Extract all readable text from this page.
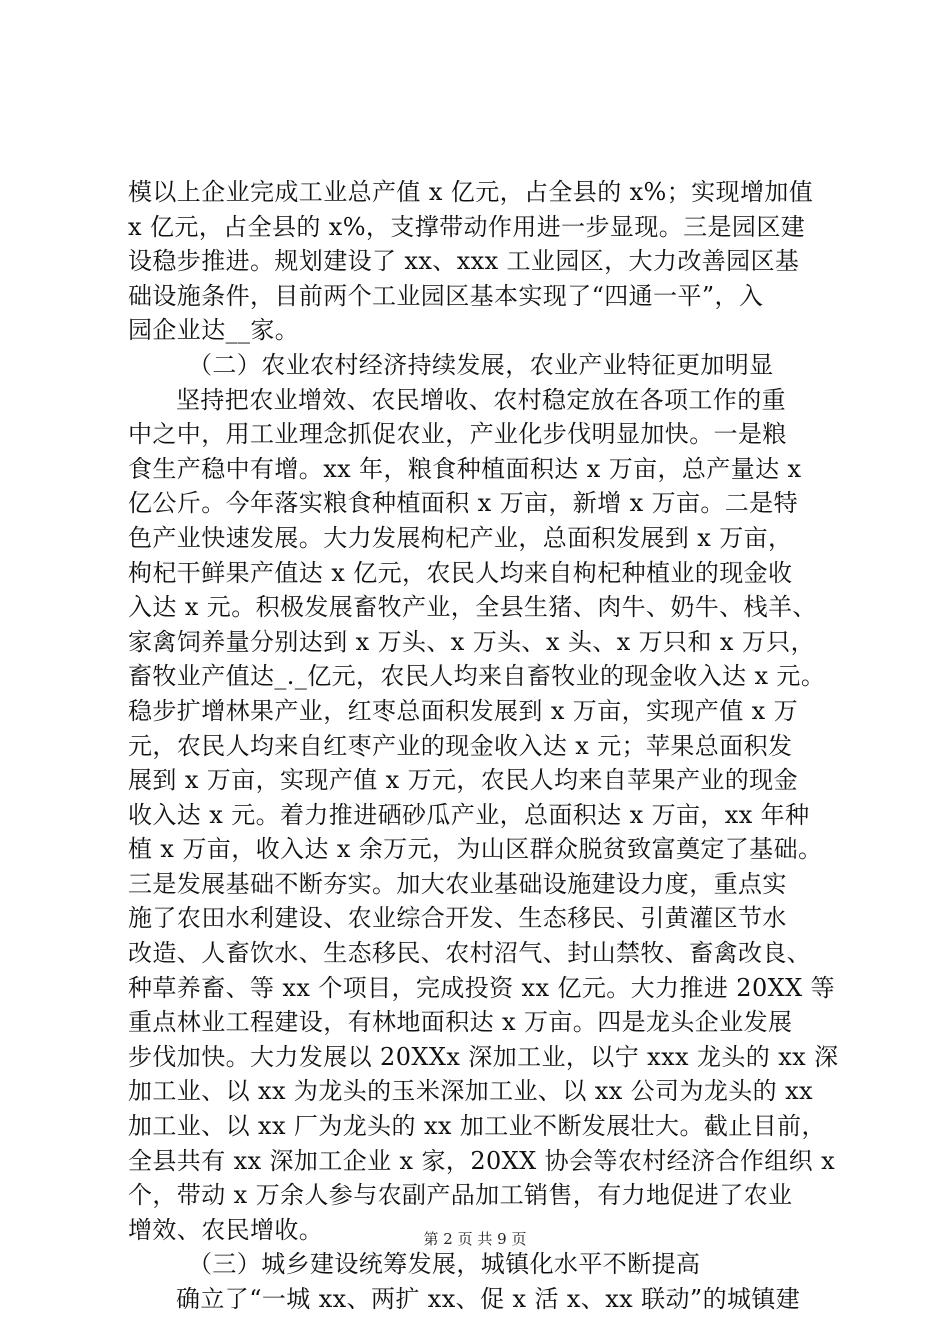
模以上企业完成工业总产值 x 亿元，占全县的 x%；实现增加值
x 亿元，占全县的 x%，支撑带动作用进一步显现。三是园区建
设稳步推进。规划建设了 xx、xxx 工业园区，大力改善园区基
础设施条件，目前两个工业园区基本实现了“四通一平”，入
园企业达__家。
（二）农业农村经济持续发展，农业产业特征更加明显
坚持把农业增效、农民增收、农村稳定放在各项工作的重
中之中，用工业理念抓促农业，产业化步伐明显加快。一是粮
食生产稳中有增。xx 年，粮食种植面积达 x 万亩，总产量达 x
亿公斤。今年落实粮食种植面积 x 万亩，新增 x 万亩。二是特
色产业快速发展。大力发展枸杞产业，总面积发展到 x 万亩，
枸杞干鲜果产值达 x 亿元，农民人均来自枸杞种植业的现金收
入达 x 元。积极发展畜牧产业，全县生猪、肉牛、奶牛、栈羊、
家禽饲养量分别达到 x 万头、x 万头、x 头、x 万只和 x 万只，
畜牧业产值达_._亿元，农民人均来自畜牧业的现金收入达 x 元。
稳步扩增林果产业，红枣总面积发展到 x 万亩，实现产值 x 万
元，农民人均来自红枣产业的现金收入达 x 元；苹果总面积发
展到 x 万亩，实现产值 x 万元，农民人均来自苹果产业的现金
收入达 x 元。着力推进硒砂瓜产业，总面积达 x 万亩，xx 年种
植 x 万亩，收入达 x 余万元，为山区群众脱贫致富奠定了基础。
三是发展基础不断夯实。加大农业基础设施建设力度，重点实
施了农田水利建设、农业综合开发、生态移民、引黄灌区节水
改造、人畜饮水、生态移民、农村沼气、封山禁牧、畜禽改良、
种草养畜、等 xx 个项目，完成投资 xx 亿元。大力推进 20XX 等
重点林业工程建设，有林地面积达 x 万亩。四是龙头企业发展
步伐加快。大力发展以 20XXx 深加工业，以宁 xxx 龙头的 xx 深
加工业、以 xx 为龙头的玉米深加工业、以 xx 公司为龙头的 xx
加工业、以 xx 厂为龙头的 xx 加工业不断发展壮大。截止目前，
全县共有 xx 深加工企业 x 家，20XX 协会等农村经济合作组织 x
个，带动 x 万余人参与农副产品加工销售，有力地促进了农业
增效、农民增收。
（三）城乡建设统筹发展，城镇化水平不断提高
确立了“一城 xx、两扩 xx、促 x 活 x、xx 联动”的城镇建
第 2 页 共 9 页
